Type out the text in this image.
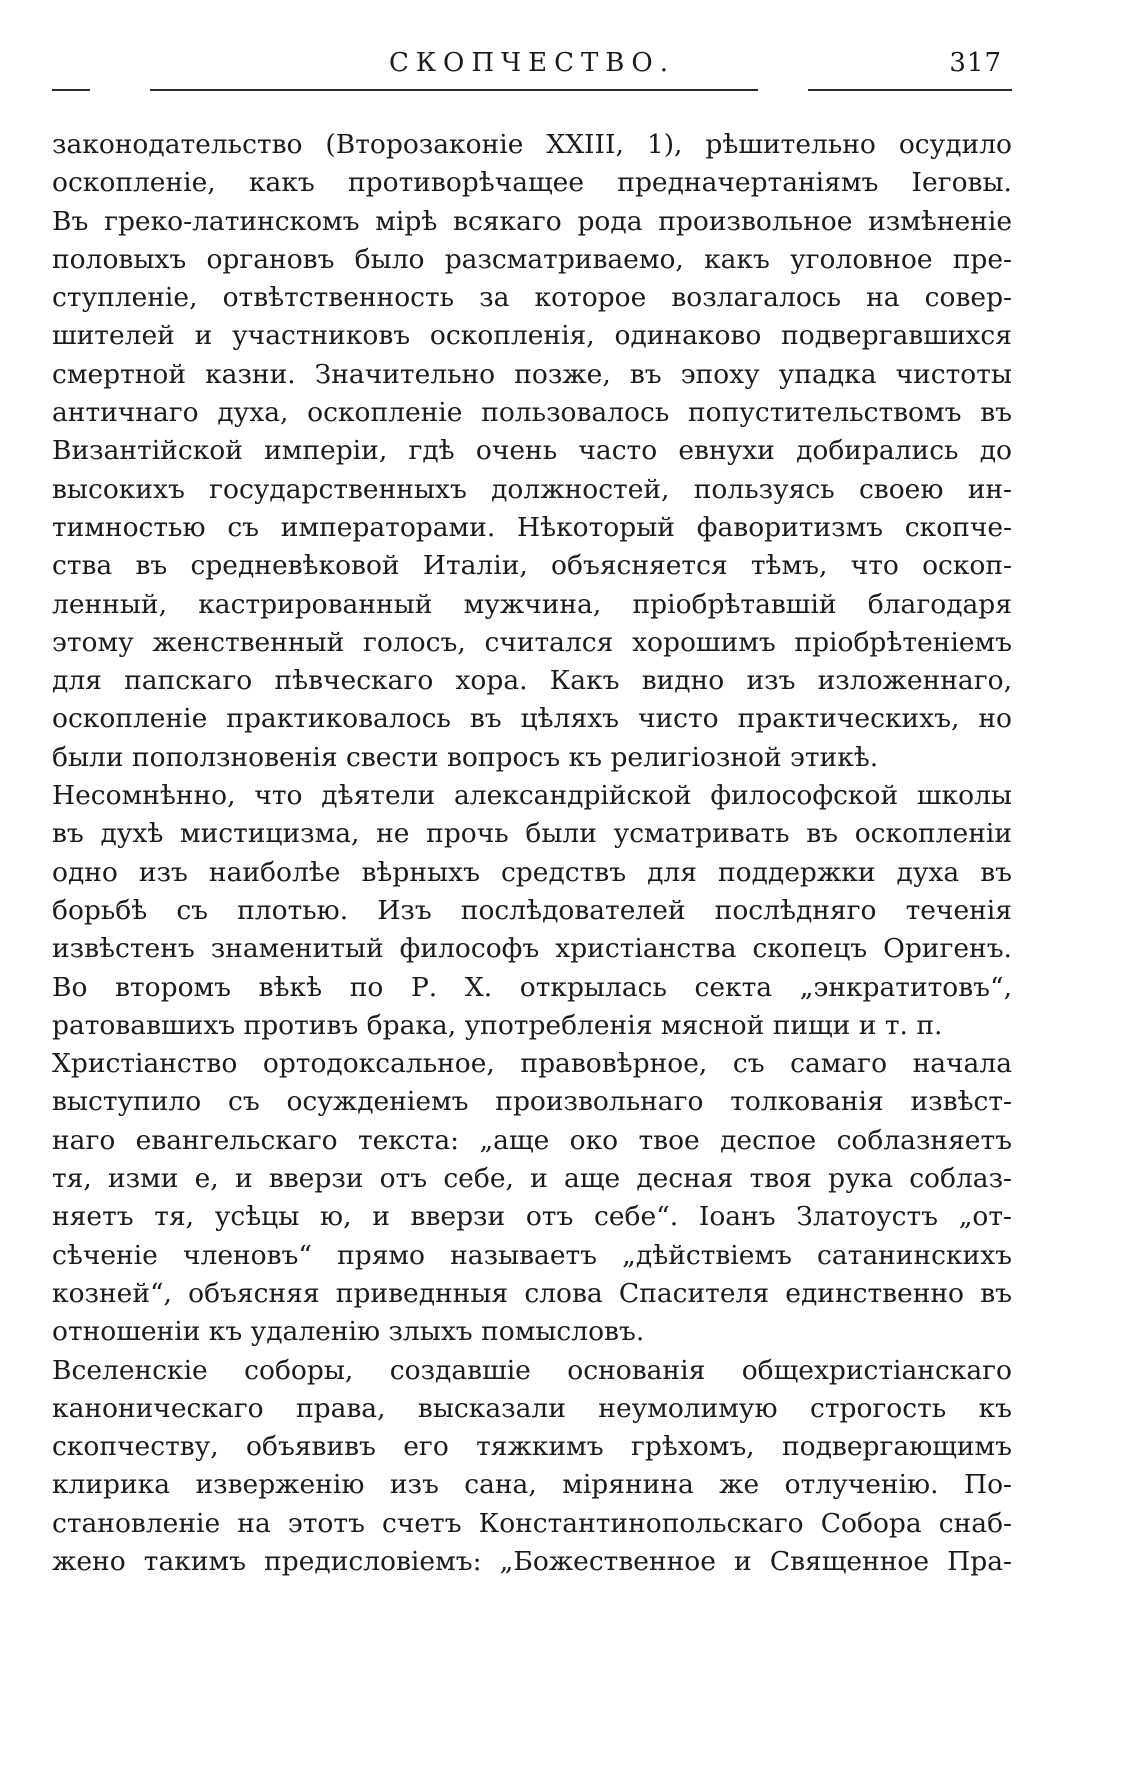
СКОПЧЕСТВО.	317
законодательство (Второзаконіе XXIII, 1), рѣшительно осудило
оскопленіе, какъ противорѣчащее предначертаніямъ Іеговы.
Въ греко-латинскомъ мірѣ всякаго рода произвольное измѣненіе
половыхъ органовъ было разсматриваемо, какъ уголовное пре-
ступленіе, отвѣтственность за которое возлагалось на совер-
шителей и участниковъ оскопленія, одинаково подвергавшихся
смертной казни. Значительно позже, въ эпоху упадка чистоты
античнаго духа, оскопленіе пользовалось попустительствомъ въ
Византійской имперіи, гдѣ очень часто евнухи добирались до
высокихъ государственныхъ должностей, пользуясь своею ин-
тимностью съ императорами. Нѣкоторый фаворитизмъ скопче-
ства въ средневѣковой Италіи, объясняется тѣмъ, что оскоп-
ленный, кастрированный мужчина, пріобрѣтавшій благодаря
этому женственный голосъ, считался хорошимъ пріобрѣтеніемъ
для папскаго пѣвческаго хора. Какъ видно изъ изложеннаго,
оскопленіе практиковалось въ цѣляхъ чисто практическихъ, но
были поползновенія свести вопросъ къ религіозной этикѣ.
Несомнѣнно, что дѣятели александрійской философской школы
въ духѣ мистицизма, не прочь были усматривать въ оскопленіи
одно изъ наиболѣе вѣрныхъ средствъ для поддержки духа въ
борьбѣ съ плотью. Изъ послѣдователей послѣдняго теченія
извѣстенъ знаменитый философъ христіанства скопецъ Оригенъ.
Во второмъ вѣкѣ по Р. Х. открылась секта „энкратитовъ“,
ратовавшихъ противъ брака, употребленія мясной пищи и т. п.
Христіанство ортодоксальное, правовѣрное, съ самаго начала
выступило съ осужденіемъ произвольнаго толкованія извѣст-
наго евангельскаго текста: „аще око твое деспое соблазняетъ
тя, изми е, и вверзи отъ себе, и аще десная твоя рука соблаз-
няетъ тя, усѣцы ю, и вверзи отъ себе“. Іоанъ Златоустъ „от-
сѣченіе членовъ“ прямо называетъ „дѣйствіемъ сатанинскихъ
козней“, объясняя приведнныя слова Спасителя единственно въ
отношеніи къ удаленію злыхъ помысловъ.
Вселенскіе соборы, создавшіе основанія общехристіанскаго
каноническаго права, высказали неумолимую строгость къ
скопчеству, объявивъ его тяжкимъ грѣхомъ, подвергающимъ
клирика изверженію изъ сана, мірянина же отлученію. По-
становленіе на этотъ счетъ Константинопольскаго Собора снаб-
жено такимъ предисловіемъ: „Божественное и Священное Пра-
